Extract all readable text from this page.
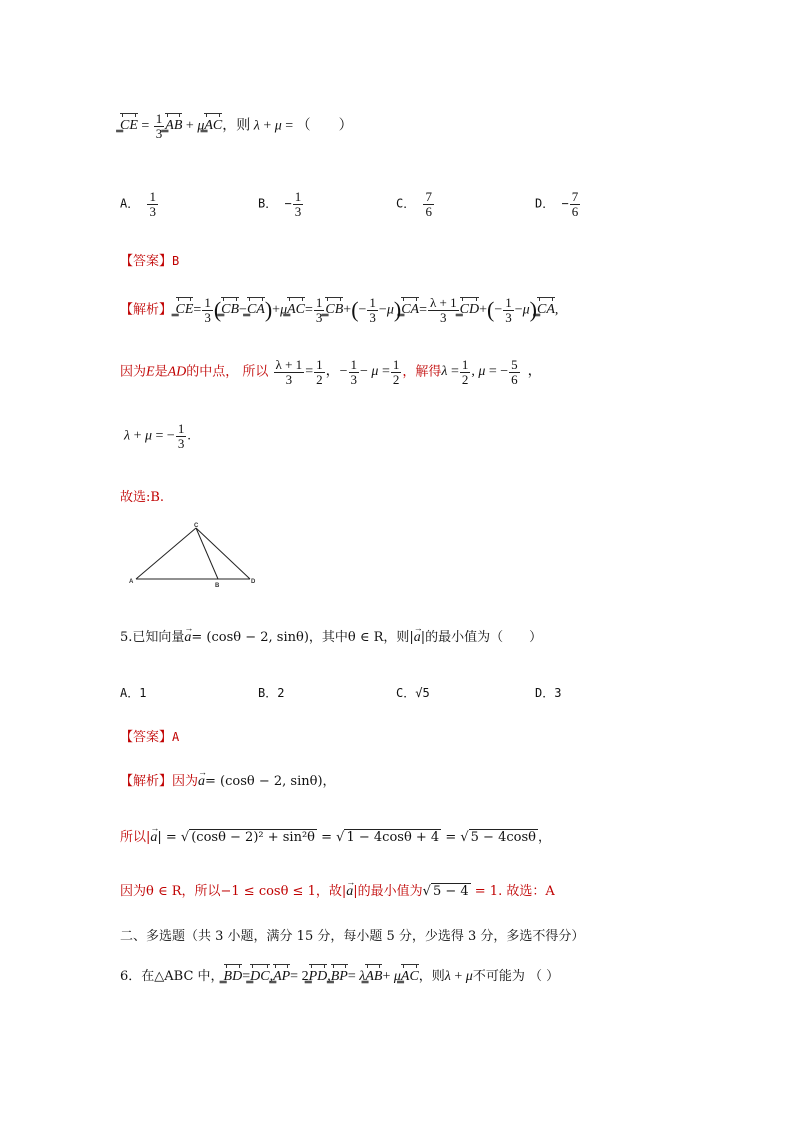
̳̳ CE = $\frac{1}{3}$ ̳̳ AB + μ
̳̳ AC，则 λ + μ = （　　）
A． $\frac{1}{3}$	B． − $\frac{1}{3}$	C． $\frac{7}{6}$	D． − $\frac{7}{6}$
【答案】B
【解析】 ̳̳ $CE= \frac{1}{3}$ (
̳̳ CB−
̳̳ CA)+μ
̳̳ $AC= \frac{1}{3}$ ̳̳ $CB+(- \frac{1}{3} -\mu)$
̳̳ $CA= \frac{\lambda + 1}{3}$ ̳̳ $CD+(- \frac{1}{3} -\mu)$
̳̳ CA,
因为E是AD的中点， 所以 $\frac{\lambda + 1}{3} = \frac{1}{2}$ ，− $\frac{1}{3} - \mu = \frac{1}{2}$ ，解得$\lambda = \frac{1}{2}$ , μ = − $\frac{5}{6}$ ，
λ + μ = − $\frac{1}{3}$ .
故选:B.
A
C
B
D
5.已知向量a
→
= (cosθ − 2, sinθ)，其中θ ∈ R，则|a
→
|的最小值为（　　）
A．1	B．2	C．√5	D．3
【答案】A
【解析】因为a
→
= (cosθ − 2, sinθ)，
所以|a
→
| = √ (cosθ − 2)² + sin²θ = √ 1 − 4cosθ + 4 = √ 5 − 4cosθ ，
因为θ ∈ R，所以−1 ≤ cosθ ≤ 1，故|a
→
|的最小值为√ 5 − 4 = 1. 故选：A
二、多选题（共 3 小题，满分 15 分，每小题 5 分，少选得 3 分，多选不得分）
6．在△ABC 中，
̳̳ BD=
̳̳ DC,
̳̳ AP= 2
̳̳ PD,
̳̳ BP= λ
̳̳ AB+ μ
̳̳ AC，则λ + μ不可能为 （ ）
